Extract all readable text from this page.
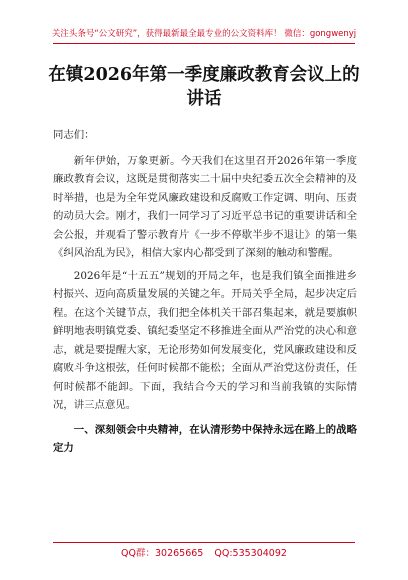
关注头条号“公文研究”，获得最新最全最专业的公文资料库！ 微信：gongwenyj
在镇2026年第一季度廉政教育会议上的
讲话

同志们：

新年伊始，万象更新。今天我们在这里召开2026年第一季度廉政教育会议，这既是贯彻落实二十届中央纪委五次全会精神的及时举措，也是为全年党风廉政建设和反腐败工作定调、明向、压责的动员大会。刚才，我们一同学习了习近平总书记的重要讲话和全会公报，并观看了警示教育片《一步不停歇半步不退让》的第一集《纠风治乱为民》，相信大家内心都受到了深刻的触动和警醒。

2026年是“十五五”规划的开局之年，也是我们镇全面推进乡村振兴、迈向高质量发展的关键之年。开局关乎全局，起步决定后程。在这个关键节点，我们把全体机关干部召集起来，就是要旗帜鲜明地表明镇党委、镇纪委坚定不移推进全面从严治党的决心和意志，就是要提醒大家，无论形势如何发展变化，党风廉政建设和反腐败斗争这根弦，任何时候都不能松；全面从严治党这份责任，任何时候都不能卸。下面，我结合今天的学习和当前我镇的实际情况，讲三点意见。

一、深刻领会中央精神，在认清形势中保持永远在路上的战略定力

QQ群：30265665 QQ:535304092
